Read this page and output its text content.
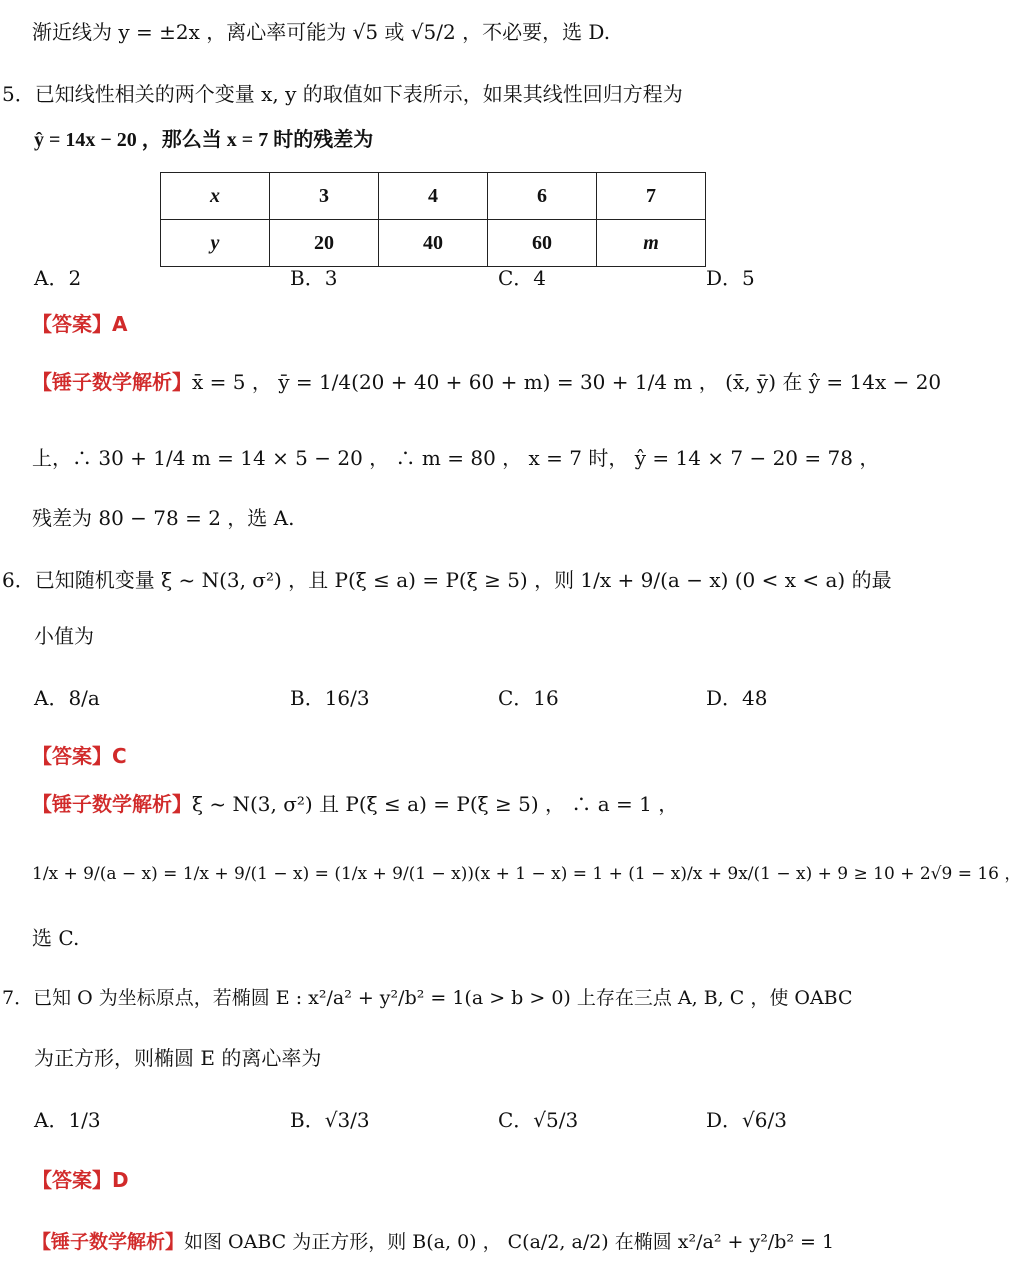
渐近线为 y = ±2x ，离心率可能为 √5 或 √5/2 ，不必要，选 D.
5．已知线性相关的两个变量 x, y 的取值如下表所示，如果其线性回归方程为
ŷ = 14x − 20 ，那么当 x = 7 时的残差为
x	3	4	6	7
y	20	40	60	m
A．2	B．3	C．4	D．5
【答案】A
【锤子数学解析】x̄ = 5 ， ȳ = 1/4(20 + 40 + 60 + m) = 30 + 1/4 m ， (x̄, ȳ) 在 ŷ = 14x − 20
上，∴ 30 + 1/4 m = 14 × 5 − 20 ， ∴ m = 80 ， x = 7 时， ŷ = 14 × 7 − 20 = 78 ，
残差为 80 − 78 = 2 ，选 A.
6．已知随机变量 ξ ~ N(3, σ²) ，且 P(ξ ≤ a) = P(ξ ≥ 5) ，则 1/x + 9/(a − x) (0 < x < a) 的最
小值为
A．8/a	B．16/3	C．16	D．48
【答案】C
【锤子数学解析】ξ ~ N(3, σ²) 且 P(ξ ≤ a) = P(ξ ≥ 5) ， ∴ a = 1 ，
1/x + 9/(a − x) = 1/x + 9/(1 − x) = (1/x + 9/(1 − x))(x + 1 − x) = 1 + (1 − x)/x + 9x/(1 − x) + 9 ≥ 10 + 2√9 = 16 ，
选 C.
7．已知 O 为坐标原点，若椭圆 E : x²/a² + y²/b² = 1(a > b > 0) 上存在三点 A, B, C ，使 OABC
为正方形，则椭圆 E 的离心率为
A．1/3	B．√3/3	C．√5/3	D．√6/3
【答案】D
【锤子数学解析】如图 OABC 为正方形，则 B(a, 0) ， C(a/2, a/2) 在椭圆 x²/a² + y²/b² = 1
